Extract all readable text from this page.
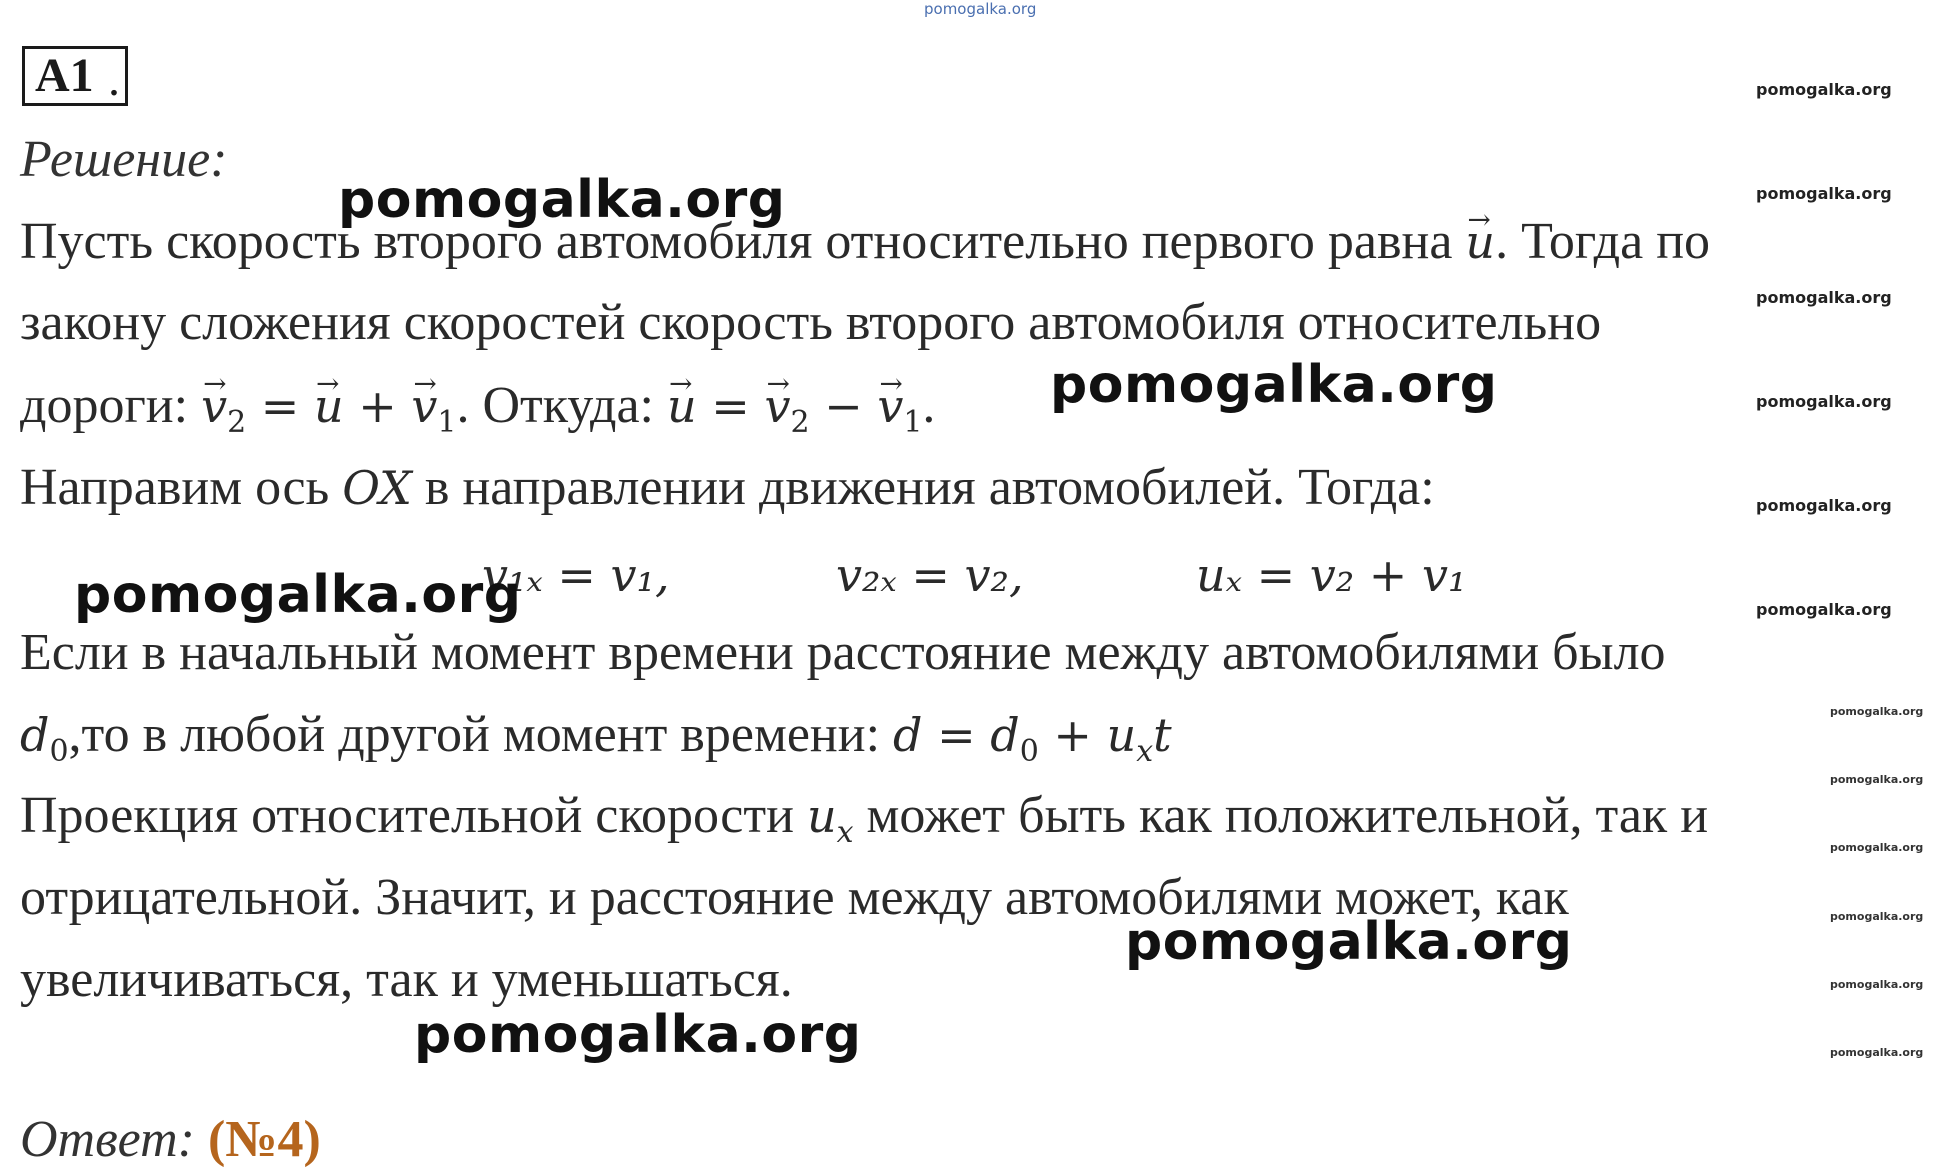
pomogalka.org
A1 .
Решение:
Пусть скорость второго автомобиля относительно первого равна → u. Тогда по
закону сложения скоростей скорость второго автомобиля относительно
дороги: → $v_2$ = → u + → $v_1$. Откуда: → u = → $v_2$ − → $v_1$.
Направим ось OX в направлении движения автомобилей. Тогда:
v₁ₓ = v₁,	v₂ₓ = v₂,	uₓ = v₂ + v₁
Если в начальный момент времени расстояние между автомобилями было
$d_0,то$ в любой другой момент времени: $d = d_0 + u_xt$
Проекция относительной скорости $u_x$ может быть как положительной, так и
отрицательной. Значит, и расстояние между автомобилями может, как
увеличиваться, так и уменьшаться.
Ответ: (№4)
pomogalka.org
pomogalka.org
pomogalka.org
pomogalka.org
pomogalka.org
pomogalka.org
pomogalka.org
pomogalka.org
pomogalka.org
pomogalka.org
pomogalka.org
pomogalka.org
pomogalka.org
pomogalka.org
pomogalka.org
pomogalka.org
pomogalka.org
